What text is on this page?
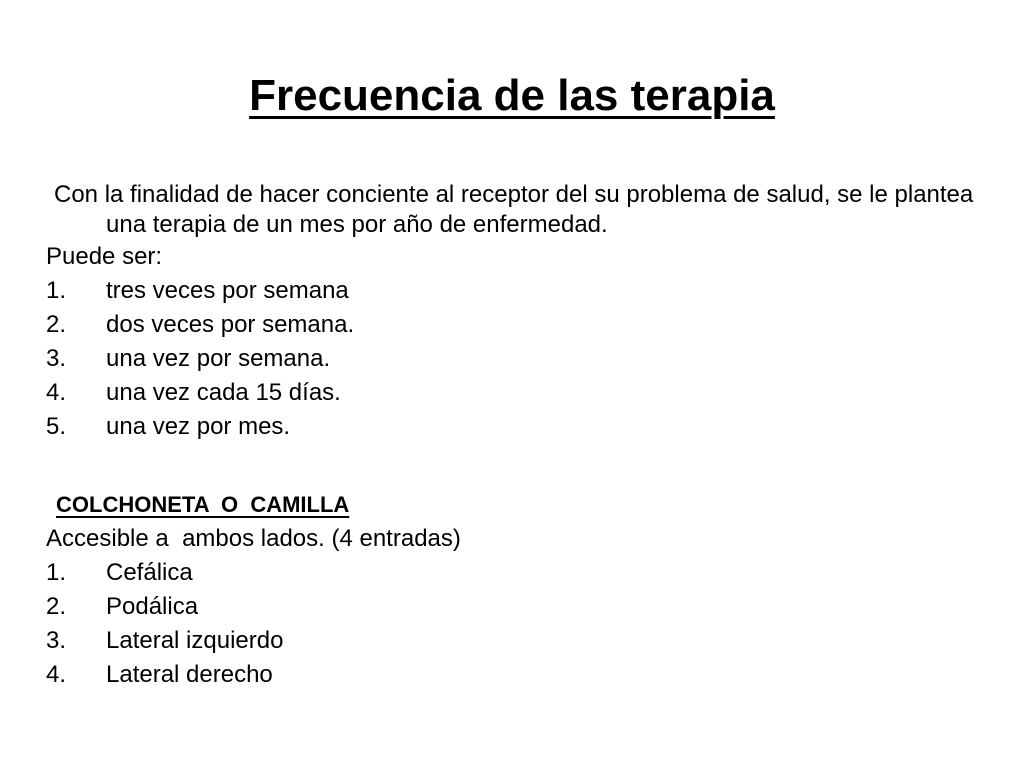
Frecuencia de las terapia

Con la finalidad de hacer conciente al receptor del su problema de salud, se le plantea una terapia de un mes por año de enfermedad.

Puede ser:

1.	tres veces por semana
2.	dos veces por semana.
3.	una vez por semana.
4.	una vez cada 15 días.
5.	una vez por mes.

COLCHONETA  O  CAMILLA

Accesible a  ambos lados. (4 entradas)

1.	Cefálica
2.	Podálica
3.	Lateral izquierdo
4.	Lateral derecho
